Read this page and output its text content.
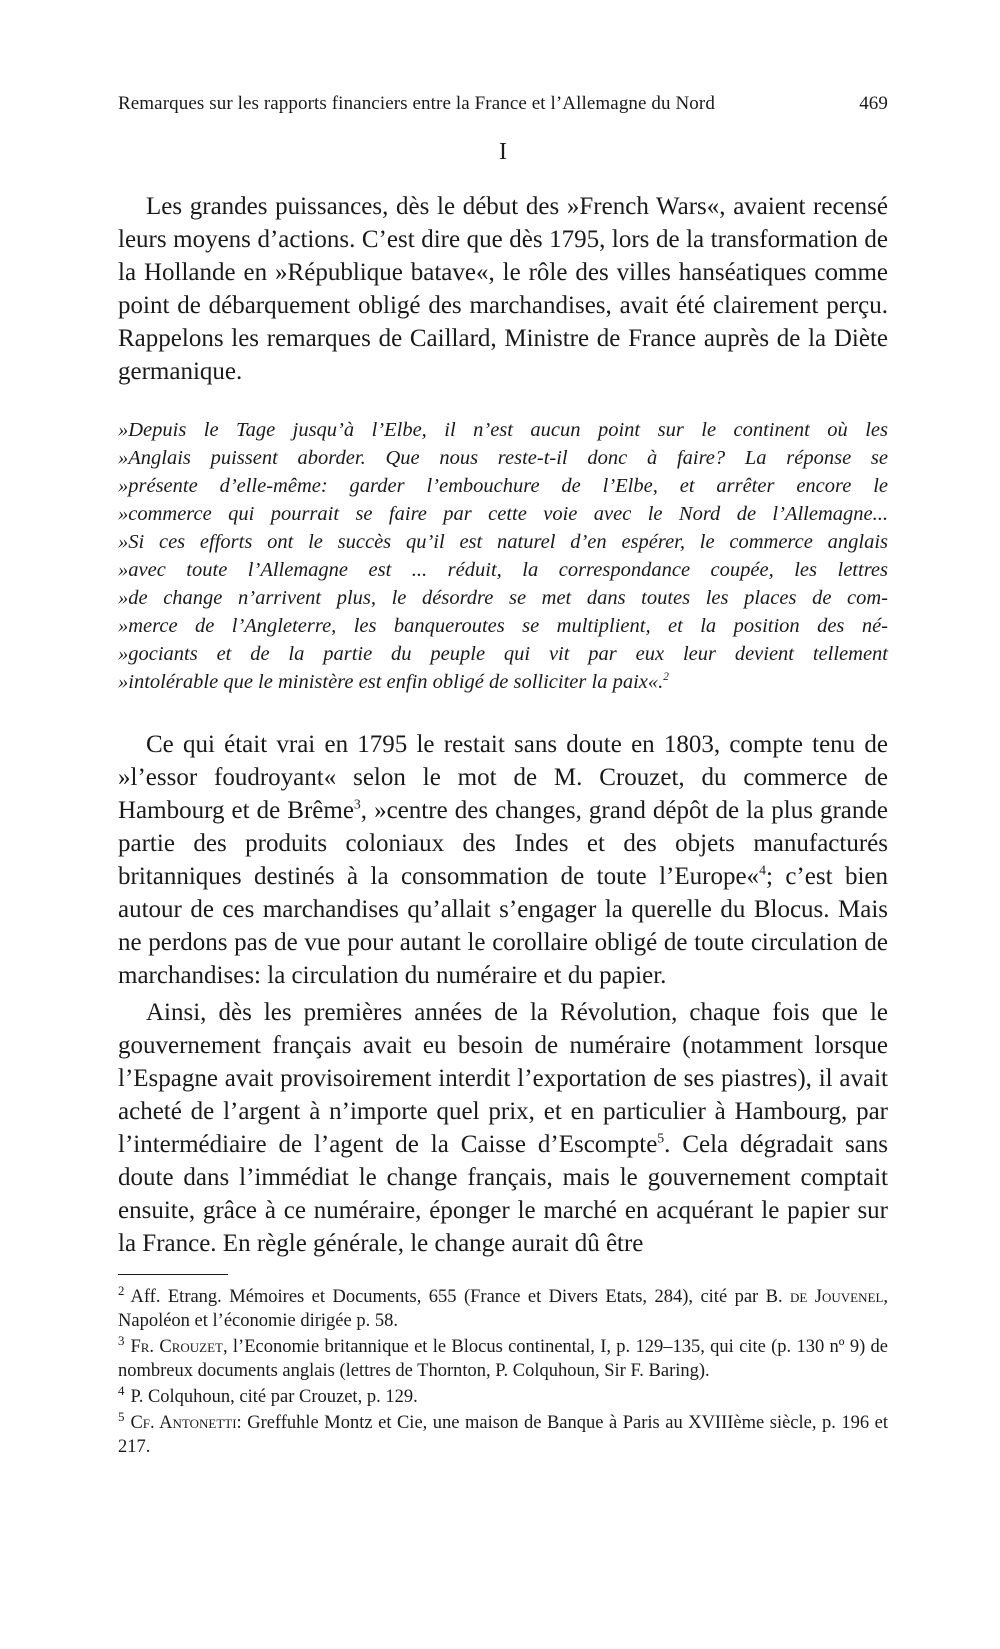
Remarques sur les rapports financiers entre la France et l’Allemagne du Nord	469
I

Les grandes puissances, dès le début des »French Wars«, avaient recensé leurs moyens d’actions. C’est dire que dès 1795, lors de la transformation de la Hollande en »République batave«, le rôle des villes hanséatiques comme point de débarquement obligé des marchandises, avait été clairement perçu. Rappelons les remarques de Caillard, Ministre de France auprès de la Diète germanique.

»Depuis le Tage jusqu’à l’Elbe, il n’est aucun point sur le continent où les
»Anglais puissent aborder. Que nous reste-t-il donc à faire? La réponse se
»présente d’elle-même: garder l’embouchure de l’Elbe, et arrêter encore le
»commerce qui pourrait se faire par cette voie avec le Nord de l’Allemagne...
»Si ces efforts ont le succès qu’il est naturel d’en espérer, le commerce anglais
»avec toute l’Allemagne est ... réduit, la correspondance coupée, les lettres
»de change n’arrivent plus, le désordre se met dans toutes les places de com-
»merce de l’Angleterre, les banqueroutes se multiplient, et la position des né-
»gociants et de la partie du peuple qui vit par eux leur devient tellement
»intolérable que le ministère est enfin obligé de solliciter la paix«.$^2$

Ce qui était vrai en 1795 le restait sans doute en 1803, compte tenu de »l’essor foudroyant« selon le mot de M. Crouzet, du commerce de Hambourg et de Brême$^3$, »centre des changes, grand dépôt de la plus grande partie des produits coloniaux des Indes et des objets manufacturés britanniques destinés à la consommation de toute l’Europe«$^4$; c’est bien autour de ces marchandises qu’allait s’engager la querelle du Blocus. Mais ne perdons pas de vue pour autant le corollaire obligé de toute circulation de marchandises: la circulation du numéraire et du papier.

Ainsi, dès les premières années de la Révolution, chaque fois que le gouvernement français avait eu besoin de numéraire (notamment lorsque l’Espagne avait provisoirement interdit l’exportation de ses piastres), il avait acheté de l’argent à n’importe quel prix, et en particulier à Hambourg, par l’intermédiaire de l’agent de la Caisse d’Escompte$^5$. Cela dégradait sans doute dans l’immédiat le change français, mais le gouvernement comptait ensuite, grâce à ce numéraire, éponger le marché en acquérant le papier sur la France. En règle générale, le change aurait dû être

$^2$ Aff. Etrang. Mémoires et Documents, 655 (France et Divers Etats, 284), cité par B. de Jouvenel, Napoléon et l’économie dirigée p. 58.

$^3$ Fr. Crouzet, l’Economie britannique et le Blocus continental, I, p. 129–135, qui cite (p. 130 nº 9) de nombreux documents anglais (lettres de Thornton, P. Colquhoun, Sir F. Baring).

$^4$ P. Colquhoun, cité par Crouzet, p. 129.

$^5$ Cf. Antonetti: Greffuhle Montz et Cie, une maison de Banque à Paris au XVIIIème siècle, p. 196 et 217.
